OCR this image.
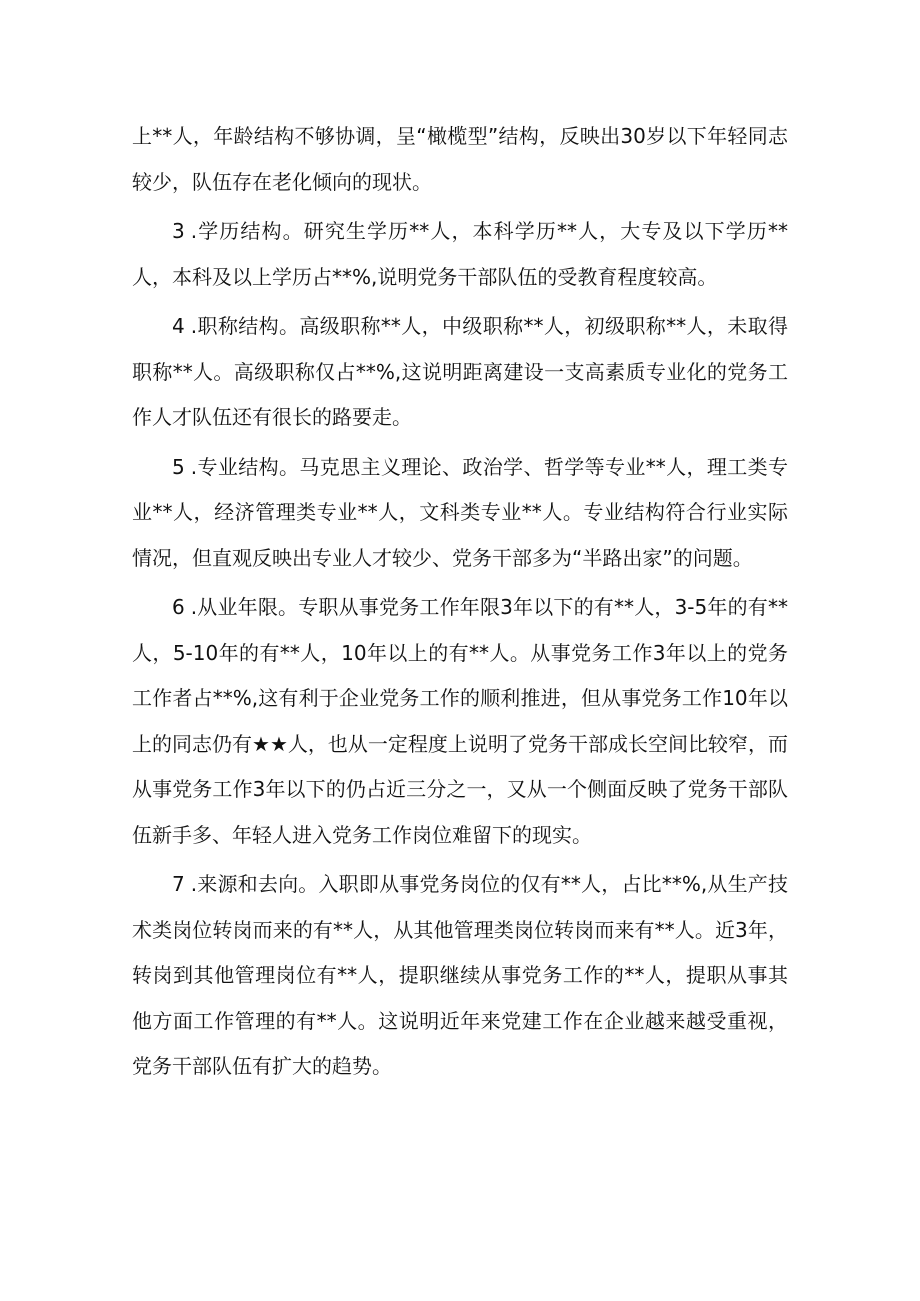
上**人，年龄结构不够协调，呈“橄榄型”结构，反映出30岁以下年轻同志较少，队伍存在老化倾向的现状。

3 .学历结构。研究生学历**人，本科学历**人，大专及以下学历**人，本科及以上学历占**%,说明党务干部队伍的受教育程度较高。

4 .职称结构。高级职称**人，中级职称**人，初级职称**人，未取得职称**人。高级职称仅占**%,这说明距离建设一支高素质专业化的党务工作人才队伍还有很长的路要走。

5 .专业结构。马克思主义理论、政治学、哲学等专业**人，理工类专业**人，经济管理类专业**人，文科类专业**人。专业结构符合行业实际情况，但直观反映出专业人才较少、党务干部多为“半路出家”的问题。

6 .从业年限。专职从事党务工作年限3年以下的有**人，3-5年的有**人，5-10年的有**人，10年以上的有**人。从事党务工作3年以上的党务工作者占**%,这有利于企业党务工作的顺利推进，但从事党务工作10年以上的同志仍有★★人，也从一定程度上说明了党务干部成长空间比较窄，而从事党务工作3年以下的仍占近三分之一，又从一个侧面反映了党务干部队伍新手多、年轻人进入党务工作岗位难留下的现实。

7 .来源和去向。入职即从事党务岗位的仅有**人，占比**%,从生产技术类岗位转岗而来的有**人，从其他管理类岗位转岗而来有**人。近3年，转岗到其他管理岗位有**人，提职继续从事党务工作的**人，提职从事其他方面工作管理的有**人。这说明近年来党建工作在企业越来越受重视，党务干部队伍有扩大的趋势。
